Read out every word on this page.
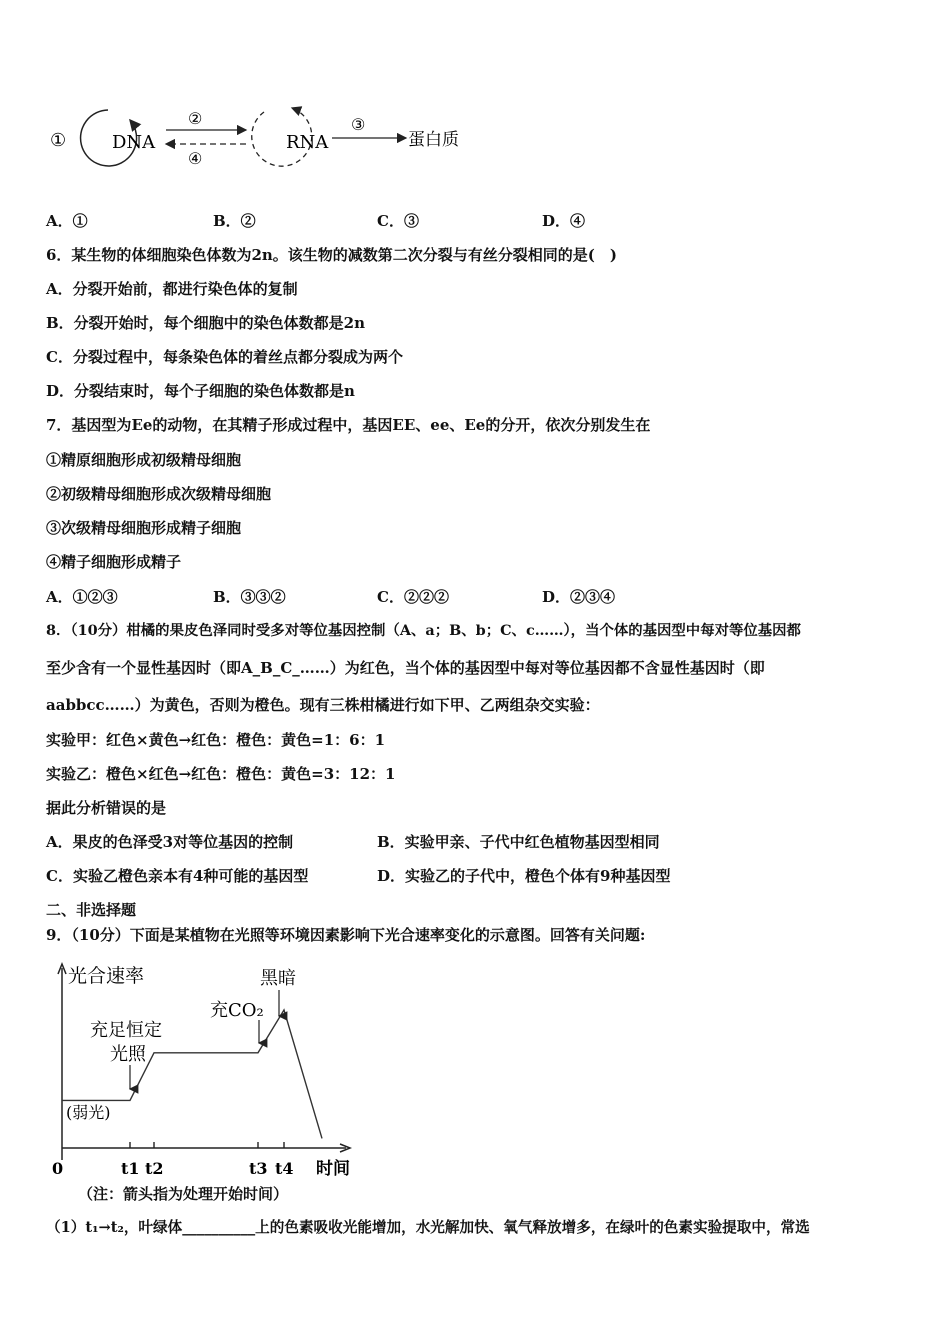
①	DNA
②
④
RNA
③
蛋白质
A．①	B．②	C．③	D．④
6．某生物的体细胞染色体数为2n。该生物的减数第二次分裂与有丝分裂相同的是(　)
A．分裂开始前，都进行染色体的复制
B．分裂开始时，每个细胞中的染色体数都是2n
C．分裂过程中，每条染色体的着丝点都分裂成为两个
D．分裂结束时，每个子细胞的染色体数都是n
7．基因型为Ee的动物，在其精子形成过程中，基因EE、ee、Ee的分开，依次分别发生在
①精原细胞形成初级精母细胞
②初级精母细胞形成次级精母细胞
③次级精母细胞形成精子细胞
④精子细胞形成精子
A．①②③	B．③③②	C．②②②	D．②③④
8．（10分）柑橘的果皮色泽同时受多对等位基因控制（A、a；B、b；C、c……），当个体的基因型中每对等位基因都
至少含有一个显性基因时（即A_B_C_……）为红色，当个体的基因型中每对等位基因都不含显性基因时（即
aabbcc……）为黄色，否则为橙色。现有三株柑橘进行如下甲、乙两组杂交实验：
实验甲：红色×黄色→红色：橙色：黄色=1：6：1
实验乙：橙色×红色→红色：橙色：黄色=3：12：1
据此分析错误的是
A．果皮的色泽受3对等位基因的控制	B．实验甲亲、子代中红色植物基因型相同
C．实验乙橙色亲本有4种可能的基因型	D．实验乙的子代中，橙色个体有9种基因型
二、非选择题
9．（10分）下面是某植物在光照等环境因素影响下光合速率变化的示意图。回答有关问题:
光合速率
时间
0	t1 t2	t3 t4
(弱光)
充足恒定
光照
充CO₂
黑暗
（注：箭头指为处理开始时间）
（1）t₁→t₂，叶绿体__________上的色素吸收光能增加，水光解加快、氧气释放增多，在绿叶的色素实验提取中，常选
